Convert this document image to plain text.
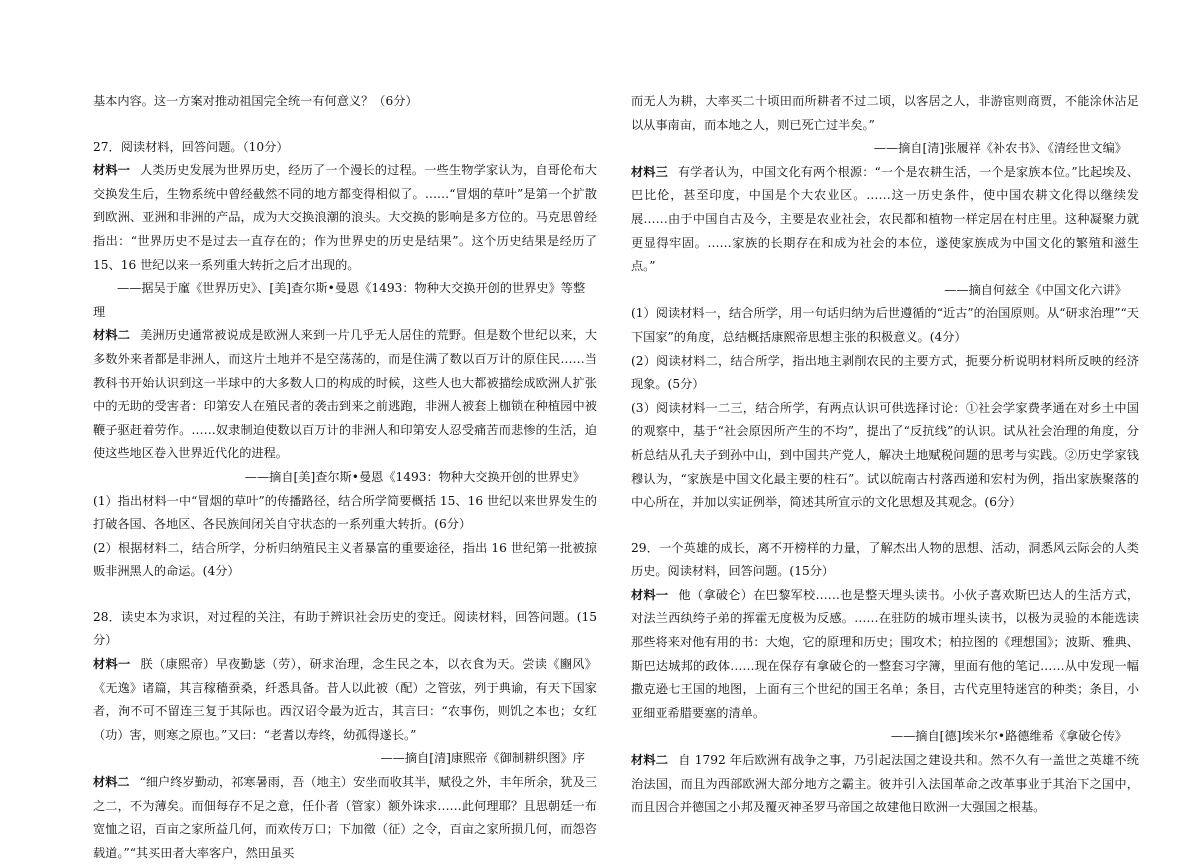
基本内容。这一方案对推动祖国完全统一有何意义？（6分）

27．阅读材料，回答问题。（10分）

材料一 人类历史发展为世界历史，经历了一个漫长的过程。一些生物学家认为，自哥伦布大交换发生后，生物系统中曾经截然不同的地方都变得相似了。……“冒烟的草叶”是第一个扩散到欧洲、亚洲和非洲的产品，成为大交换浪潮的浪头。大交换的影响是多方位的。马克思曾经指出：“世界历史不是过去一直存在的；作为世界史的历史是结果”。这个历史结果是经历了 15、16 世纪以来一系列重大转折之后才出现的。

——据吴于廑《世界历史》、[美]查尔斯•曼恩《1493：物种大交换开创的世界史》等整理

材料二 美洲历史通常被说成是欧洲人来到一片几乎无人居住的荒野。但是数个世纪以来，大多数外来者都是非洲人，而这片土地并不是空荡荡的，而是住满了数以百万计的原住民……当教科书开始认识到这一半球中的大多数人口的构成的时候，这些人也大都被描绘成欧洲人扩张中的无助的受害者：印第安人在殖民者的袭击到来之前逃跑，非洲人被套上枷锁在种植园中被鞭子驱赶着劳作。……奴隶制迫使数以百万计的非洲人和印第安人忍受痛苦而悲惨的生活，迫使这些地区卷入世界近代化的进程。

——摘自[美]查尔斯•曼恩《1493：物种大交换开创的世界史》

(1）指出材料一中“冒烟的草叶”的传播路径，结合所学简要概括 15、16 世纪以来世界发生的打破各国、各地区、各民族间闭关自守状态的一系列重大转折。(6分）

(2）根据材料二，结合所学，分析归纳殖民主义者暴富的重要途径，指出 16 世纪第一批被掠贩非洲黑人的命运。(4分）

28．读史本为求识，对过程的关注，有助于辨识社会历史的变迁。阅读材料，回答问题。(15分）

材料一 朕（康熙帝）早夜勤毖（劳），研求治理，念生民之本，以衣食为天。尝读《豳风》《无逸》诸篇，其言稼穑蚕桑，纤悉具备。昔人以此被（配）之管弦，列于典谕，有天下国家者，洵不可不留连三复于其际也。西汉诏令最为近古，其言曰：“农事伤，则饥之本也；女红（功）害，则寒之原也。”又曰：“老耆以寿终，幼孤得遂长。”

——摘自[清]康熙帝《御制耕织图》序

材料二 “细户终岁勤动，祁寒暑雨，吾（地主）安坐而收其半，赋役之外，丰年所余，犹及三之二，不为薄矣。而佃每存不足之意，任仆者（管家）额外诛求……此何理耶？且思朝廷一布宽恤之诏，百亩之家所益几何，而欢传万口；下加徵（征）之令，百亩之家所损几何，而怨咨载道。”“其买田者大率客户，然田虽买

而无人为耕，大率买二十顷田而所耕者不过二顷，以客居之人，非游宦则商贾，不能涂休沾足以从事南亩，而本地之人，则已死亡过半矣。”

——摘自[清]张履祥《补农书》、《清经世文编》

材料三 有学者认为，中国文化有两个根源：“一个是农耕生活，一个是家族本位。”比起埃及、巴比伦，甚至印度，中国是个大农业区。……这一历史条件，使中国农耕文化得以继续发展……由于中国自古及今，主要是农业社会，农民都和植物一样定居在村庄里。这种凝聚力就更显得牢固。……家族的长期存在和成为社会的本位，遂使家族成为中国文化的繁殖和滋生点。”

——摘自何兹全《中国文化六讲》

(1）阅读材料一，结合所学，用一句话归纳为后世遵循的“近古”的治国原则。从“研求治理”“天下国家”的角度，总结概括康熙帝思想主张的积极意义。(4分）

(2）阅读材料二，结合所学，指出地主剥削农民的主要方式，扼要分析说明材料所反映的经济现象。(5分）

(3）阅读材料一二三，结合所学，有两点认识可供选择讨论：①社会学家费孝通在对乡土中国的观察中，基于“社会原因所产生的不均”，提出了“反抗线”的认识。试从社会治理的角度，分析总结从孔夫子到孙中山，到中国共产党人，解决土地赋税问题的思考与实践。②历史学家钱穆认为，“家族是中国文化最主要的柱石”。试以皖南古村落西递和宏村为例，指出家族聚落的中心所在，并加以实证例举，简述其所宣示的文化思想及其观念。(6分）

29．一个英雄的成长，离不开榜样的力量，了解杰出人物的思想、活动，洞悉风云际会的人类历史。阅读材料，回答问题。(15分）

材料一 他（拿破仑）在巴黎军校……也是整天埋头读书。小伙子喜欢斯巴达人的生活方式，对法兰西纨绔子弟的挥霍无度极为反感。……在驻防的城市埋头读书，以极为灵验的本能选读那些将来对他有用的书：大炮，它的原理和历史；围攻术；柏拉图的《理想国》；波斯、雅典、斯巴达城邦的政体……现在保存有拿破仑的一整套习字簿，里面有他的笔记……从中发现一幅撒克逊七王国的地图，上面有三个世纪的国王名单；条目，古代克里特迷宫的种类；条目，小亚细亚希腊要塞的清单。

——摘自[德]埃米尔•路德维希《拿破仑传》

材料二 自 1792 年后欧洲有战争之事，乃引起法国之建设共和。然不久有一盖世之英雄不统治法国，而且为西部欧洲大部分地方之霸主。彼并引入法国革命之改革事业于其治下之国中，而且因合并德国之小邦及覆灭神圣罗马帝国之故建他日欧洲一大强国之根基。
